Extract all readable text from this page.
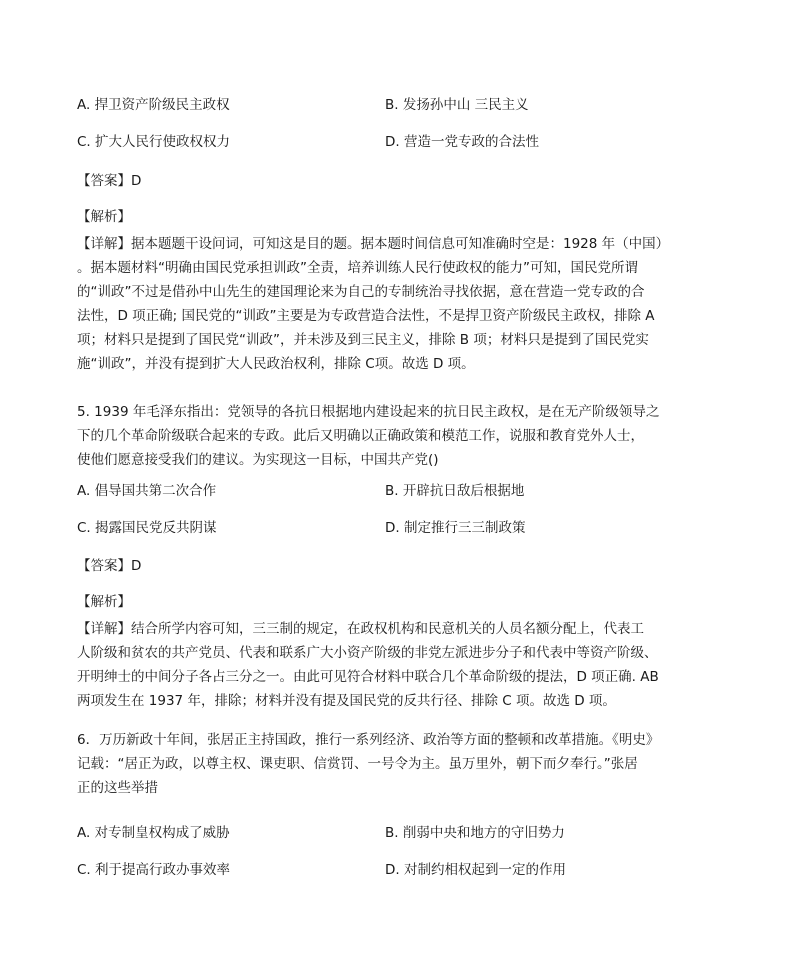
A. 捍卫资产阶级民主政权	B. 发扬孙中山 三民主义
C. 扩大人民行使政权权力	D. 营造一党专政的合法性
【答案】D
【解析】

【详解】据本题题干设问词，可知这是目的题。据本题时间信息可知准确时空是：1928 年（中国）

。据本题材料“明确由国民党承担训政”全责，培养训练人民行使政权的能力”可知，国民党所谓

的“训政”不过是借孙中山先生的建国理论来为自己的专制统治寻找依据，意在营造一党专政的合

法性，D 项正确; 国民党的“训政”主要是为专政营造合法性，不是捍卫资产阶级民主政权，排除 A

项；材料只是提到了国民党“训政”，并未涉及到三民主义，排除 B 项；材料只是提到了国民党实

施“训政”，并没有提到扩大人民政治权利，排除 C项。故选 D 项。

5. 1939 年毛泽东指出：党领导的各抗日根据地内建设起来的抗日民主政权，是在无产阶级领导之

下的几个革命阶级联合起来的专政。此后又明确以正确政策和模范工作，说服和教育党外人士，

使他们愿意接受我们的建议。为实现这一目标，中国共产党()

A. 倡导国共第二次合作	B. 开辟抗日敌后根据地
C. 揭露国民党反共阴谋	D. 制定推行三三制政策
【答案】D
【解析】

【详解】结合所学内容可知，三三制的规定，在政权机构和民意机关的人员名额分配上，代表工

人阶级和贫农的共产党员、代表和联系广大小资产阶级的非党左派进步分子和代表中等资产阶级、

开明绅士的中间分子各占三分之一。由此可见符合材料中联合几个革命阶级的提法，D 项正确. AB

两项发生在 1937 年，排除；材料并没有提及国民党的反共行径、排除 C 项。故选 D 项。

6．万历新政十年间，张居正主持国政，推行一系列经济、政治等方面的整顿和改革措施。《明史》

记载：“居正为政，以尊主权、课吏职、信赏罚、一号令为主。虽万里外，朝下而夕奉行。”张居

正的这些举措

A. 对专制皇权构成了威胁	B. 削弱中央和地方的守旧势力
C. 利于提高行政办事效率	D. 对制约相权起到一定的作用
